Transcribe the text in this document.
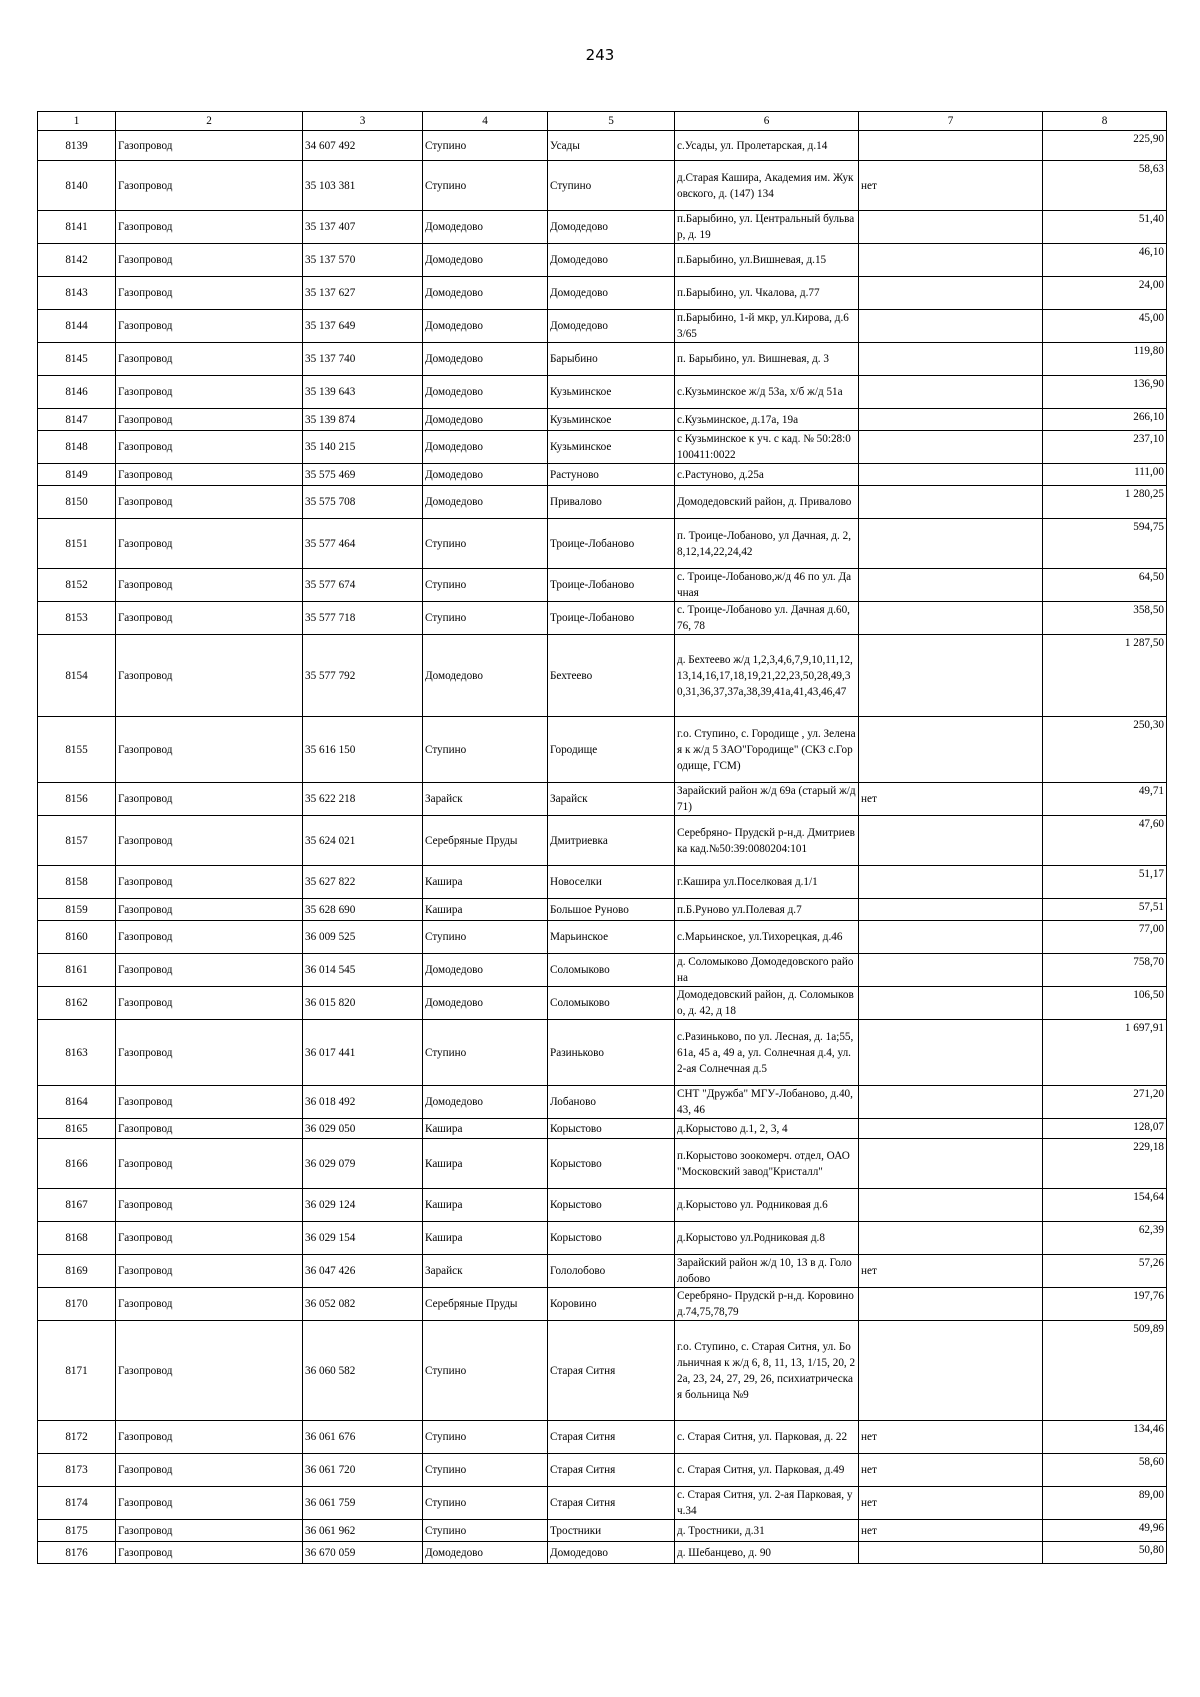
243
1	2	3	4	5	6	7	8
8139	Газопровод	34 607 492	Ступино	Усады	с.Усады, ул. Пролетарская, д.14		225,90
8140	Газопровод	35 103 381	Ступино	Ступино	д.Старая Кашира, Академия им. Жуковского, д. (147) 134	нет	58,63
8141	Газопровод	35 137 407	Домодедово	Домодедово	п.Барыбино, ул. Центральный бульвар, д. 19		51,40
8142	Газопровод	35 137 570	Домодедово	Домодедово	п.Барыбино, ул.Вишневая, д.15		46,10
8143	Газопровод	35 137 627	Домодедово	Домодедово	п.Барыбино, ул. Чкалова, д.77		24,00
8144	Газопровод	35 137 649	Домодедово	Домодедово	п.Барыбино, 1-й мкр, ул.Кирова, д.63/65		45,00
8145	Газопровод	35 137 740	Домодедово	Барыбино	п. Барыбино, ул. Вишневая, д. 3		119,80
8146	Газопровод	35 139 643	Домодедово	Кузьминское	с.Кузьминское ж/д 53а, х/б ж/д 51а		136,90
8147	Газопровод	35 139 874	Домодедово	Кузьминское	с.Кузьминское, д.17а, 19а		266,10
8148	Газопровод	35 140 215	Домодедово	Кузьминское	с Кузьминское к уч. с кад. № 50:28:0100411:0022		237,10
8149	Газопровод	35 575 469	Домодедово	Растуново	с.Растуново, д.25а		111,00
8150	Газопровод	35 575 708	Домодедово	Привалово	Домодедовский район, д. Привалово		1 280,25
8151	Газопровод	35 577 464	Ступино	Троице-Лобаново	п. Троице-Лобаново, ул Дачная, д. 2,8,12,14,22,24,42		594,75
8152	Газопровод	35 577 674	Ступино	Троице-Лобаново	с. Троице-Лобаново,ж/д 46 по ул. Дачная		64,50
8153	Газопровод	35 577 718	Ступино	Троице-Лобаново	с. Троице-Лобаново ул. Дачная д.60, 76, 78		358,50
8154	Газопровод	35 577 792	Домодедово	Бехтеево	д. Бехтеево ж/д 1,2,3,4,6,7,9,10,11,12,13,14,16,17,18,19,21,22,23,50,28,49,30,31,36,37,37а,38,39,41а,41,43,46,47		1 287,50
8155	Газопровод	35 616 150	Ступино	Городище	г.о. Ступино, с. Городище , ул. Зеленая к ж/д 5 ЗАО"Городище" (СКЗ с.Городище, ГСМ)		250,30
8156	Газопровод	35 622 218	Зарайск	Зарайск	Зарайский район ж/д 69а (старый ж/д 71)	нет	49,71
8157	Газопровод	35 624 021	Серебряные Пруды	Дмитриевка	Серебряно- Прудскй р-н,д. Дмитриевка кад.№50:39:0080204:101		47,60
8158	Газопровод	35 627 822	Кашира	Новоселки	г.Кашира ул.Поселковая д.1/1		51,17
8159	Газопровод	35 628 690	Кашира	Большое Руново	п.Б.Руново ул.Полевая д.7		57,51
8160	Газопровод	36 009 525	Ступино	Марьинское	с.Марьинское, ул.Тихорецкая, д.46		77,00
8161	Газопровод	36 014 545	Домодедово	Соломыково	д. Соломыково Домодедовского района		758,70
8162	Газопровод	36 015 820	Домодедово	Соломыково	Домодедовский район, д. Соломыково, д. 42, д 18		106,50
8163	Газопровод	36 017 441	Ступино	Разиньково	с.Разиньково, по ул. Лесная, д. 1а;55, 61а, 45 а, 49 а, ул. Солнечная д.4, ул. 2-ая Солнечная д.5		1 697,91
8164	Газопровод	36 018 492	Домодедово	Лобаново	СНТ "Дружба" МГУ-Лобаново, д.40, 43, 46		271,20
8165	Газопровод	36 029 050	Кашира	Корыстово	д.Корыстово д.1, 2, 3, 4		128,07
8166	Газопровод	36 029 079	Кашира	Корыстово	п.Корыстово зоокомерч. отдел, ОАО "Московский завод"Кристалл"		229,18
8167	Газопровод	36 029 124	Кашира	Корыстово	д.Корыстово ул. Родниковая д.6		154,64
8168	Газопровод	36 029 154	Кашира	Корыстово	д.Корыстово ул.Родниковая д.8		62,39
8169	Газопровод	36 047 426	Зарайск	Гололобово	Зарайский район ж/д 10, 13 в д. Гололобово	нет	57,26
8170	Газопровод	36 052 082	Серебряные Пруды	Коровино	Серебряно- Прудскй р-н,д. Коровино д.74,75,78,79		197,76
8171	Газопровод	36 060 582	Ступино	Старая Ситня	г.о. Ступино, с. Старая Ситня, ул. Больничная к ж/д 6, 8, 11, 13, 1/15, 20, 22а, 23, 24, 27, 29, 26, психиатрическая больница №9		509,89
8172	Газопровод	36 061 676	Ступино	Старая Ситня	с. Старая Ситня, ул. Парковая, д. 22	нет	134,46
8173	Газопровод	36 061 720	Ступино	Старая Ситня	с. Старая Ситня, ул. Парковая, д.49	нет	58,60
8174	Газопровод	36 061 759	Ступино	Старая Ситня	с. Старая Ситня, ул. 2-ая Парковая, уч.34	нет	89,00
8175	Газопровод	36 061 962	Ступино	Тростники	д. Тростники, д.31	нет	49,96
8176	Газопровод	36 670 059	Домодедово	Домодедово	д. Шебанцево, д. 90		50,80
